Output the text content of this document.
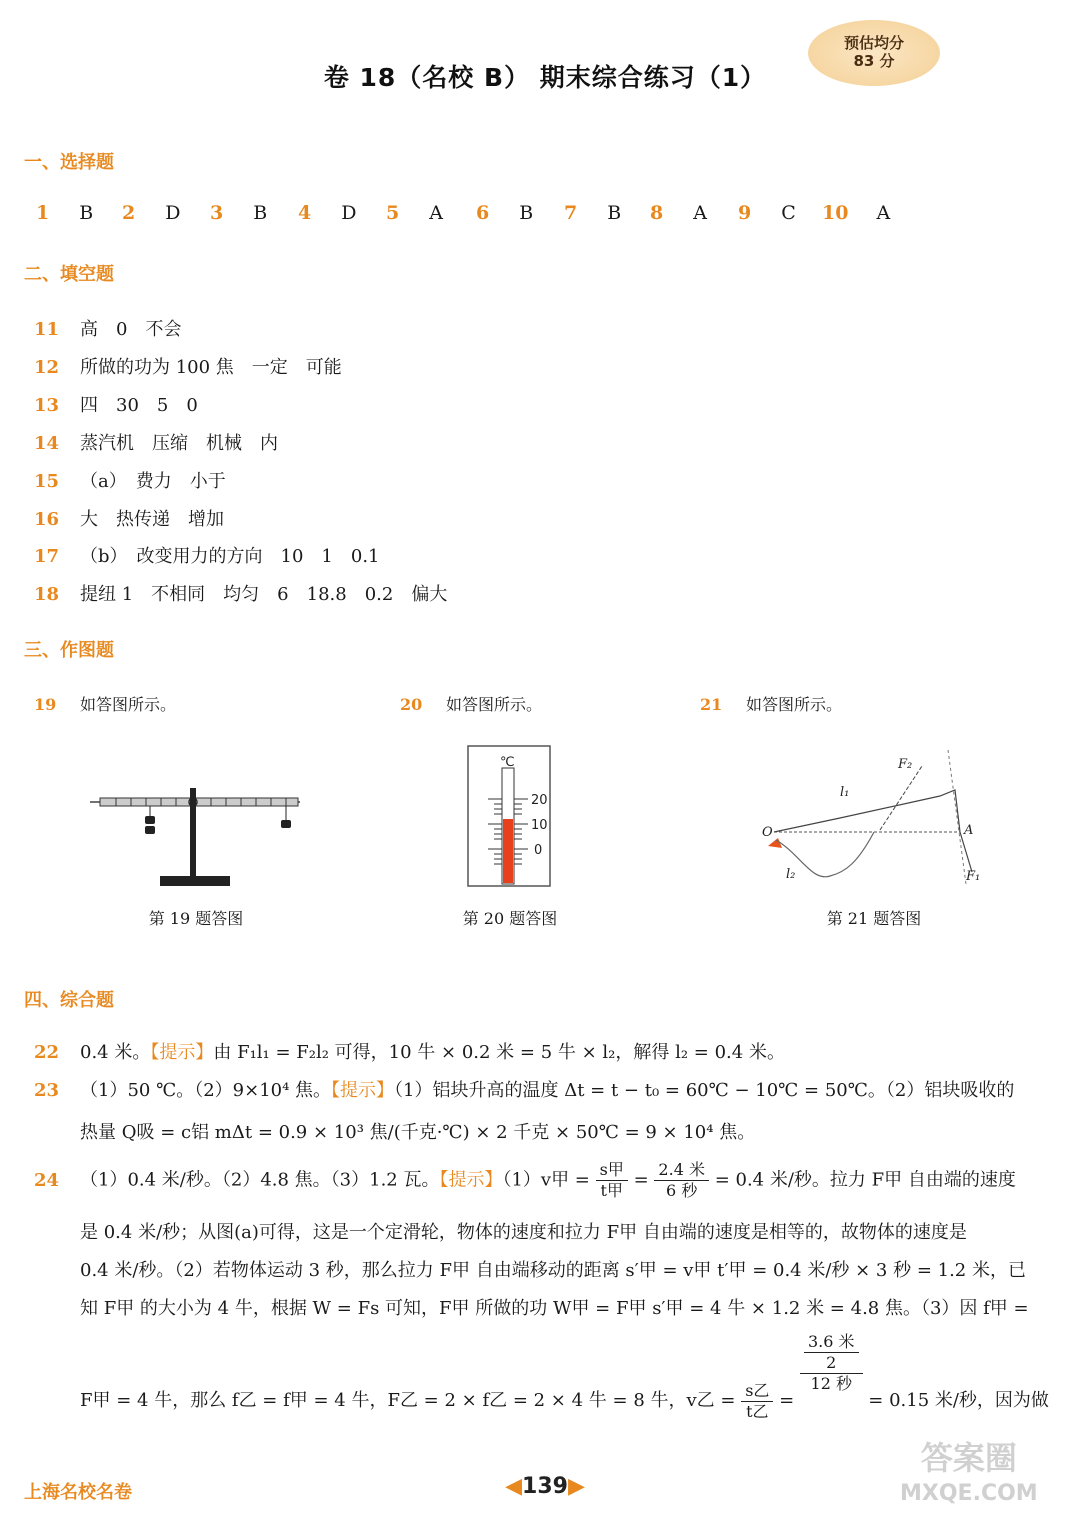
卷 18（名校 B） 期末综合练习（1）
预估均分
83 分
一、选择题
1 B 2 D 3 B 4 D 5 A 6 B 7 B 8 A 9 C 10 A
二、填空题
11 高　0　不会
12 所做的功为 100 焦　一定　可能
13 四　30　5　0
14 蒸汽机　压缩　机械　内
15 （a）　费力　小于
16 大　热传递　增加
17 （b）　改变用力的方向　10　1　0.1
18 提纽 1　不相同　均匀　6　18.8　0.2　偏大
三、作图题
19 如答图所示。	20 如答图所示。	21 如答图所示。
第 19 题答图
℃
20
10
0
第 20 题答图
F₂
l₁
O	A
l₂	F₁
第 21 题答图
四、综合题
22 0.4 米。【提示】由 F₁l₁ = F₂l₂ 可得，10 牛 × 0.2 米 = 5 牛 × l₂，解得 l₂ = 0.4 米。
23 （1）50 ℃。（2）9×10⁴ 焦。【提示】（1）铝块升高的温度 Δt = t − t₀ = 60℃ − 10℃ = 50℃。（2）铝块吸收的
热量 Q吸 = c铝 mΔt = 0.9 × 10³ 焦/(千克·℃) × 2 千克 × 50℃ = 9 × 10⁴ 焦。
24 （1）0.4 米/秒。（2）4.8 焦。（3）1.2 瓦。【提示】（1）v甲 = $\frac{\text{s甲}}{\text{t甲}} = \frac{\text{2.4 米}}{\text{6 秒}} = 0.4$ 米/秒。拉力 F甲 自由端的速度
是 0.4 米/秒；从图(a)可得，这是一个定滑轮，物体的速度和拉力 F甲 自由端的速度是相等的，故物体的速度是
0.4 米/秒。（2）若物体运动 3 秒，那么拉力 F甲 自由端移动的距离 s′甲 = v甲 t′甲 = 0.4 米/秒 × 3 秒 = 1.2 米，已
知 F甲 的大小为 4 牛，根据 W = Fs 可知，F甲 所做的功 W甲 = F甲 s′甲 = 4 牛 × 1.2 米 = 4.8 焦。（3）因 f甲 =
F甲 = 4 牛，那么 f乙 = f甲 = 4 牛，F乙 = 2 × f乙 = 2 × 4 牛 = 8 牛，v乙 = $\frac{\text{s乙}}{\text{t乙}}$ =
$\frac{\frac{\text{3.6 米}}{2}}{\text{12 秒}}$
= 0.15 米/秒，因为做
上海名校名卷	◀139▶
答案圈
MXQE.COM
